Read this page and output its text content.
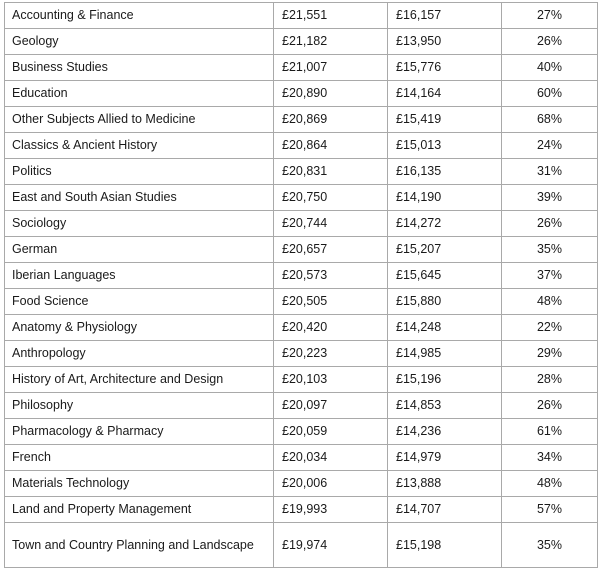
Accounting & Finance	£21,551	£16,157	27%
Geology	£21,182	£13,950	26%
Business Studies	£21,007	£15,776	40%
Education	£20,890	£14,164	60%
Other Subjects Allied to Medicine	£20,869	£15,419	68%
Classics & Ancient History	£20,864	£15,013	24%
Politics	£20,831	£16,135	31%
East and South Asian Studies	£20,750	£14,190	39%
Sociology	£20,744	£14,272	26%
German	£20,657	£15,207	35%
Iberian Languages	£20,573	£15,645	37%
Food Science	£20,505	£15,880	48%
Anatomy & Physiology	£20,420	£14,248	22%
Anthropology	£20,223	£14,985	29%
History of Art, Architecture and Design	£20,103	£15,196	28%
Philosophy	£20,097	£14,853	26%
Pharmacology & Pharmacy	£20,059	£14,236	61%
French	£20,034	£14,979	34%
Materials Technology	£20,006	£13,888	48%
Land and Property Management	£19,993	£14,707	57%
Town and Country Planning and Landscape	£19,974	£15,198	35%
